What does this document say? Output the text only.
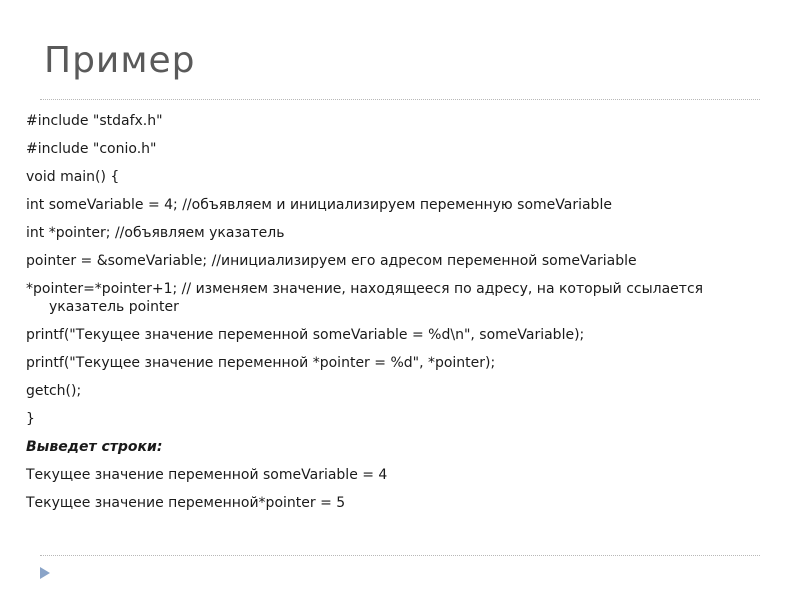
Пример

#include "stdafx.h"

#include "conio.h"

void main() {

int someVariable = 4; //объявляем и инициализируем переменную someVariable

int *pointer; //объявляем указатель

pointer = &someVariable; //инициализируем его адресом переменной someVariable

*pointer=*pointer+1; // изменяем значение, находящееся по адресу, на который ссылается указатель pointer

printf("Текущее значение переменной someVariable = %d\n", someVariable);

printf("Текущее значение переменной *pointer = %d", *pointer);

getch();

}

Выведет строки:

Текущее значение переменной someVariable = 4

Текущее значение переменной*pointer = 5
